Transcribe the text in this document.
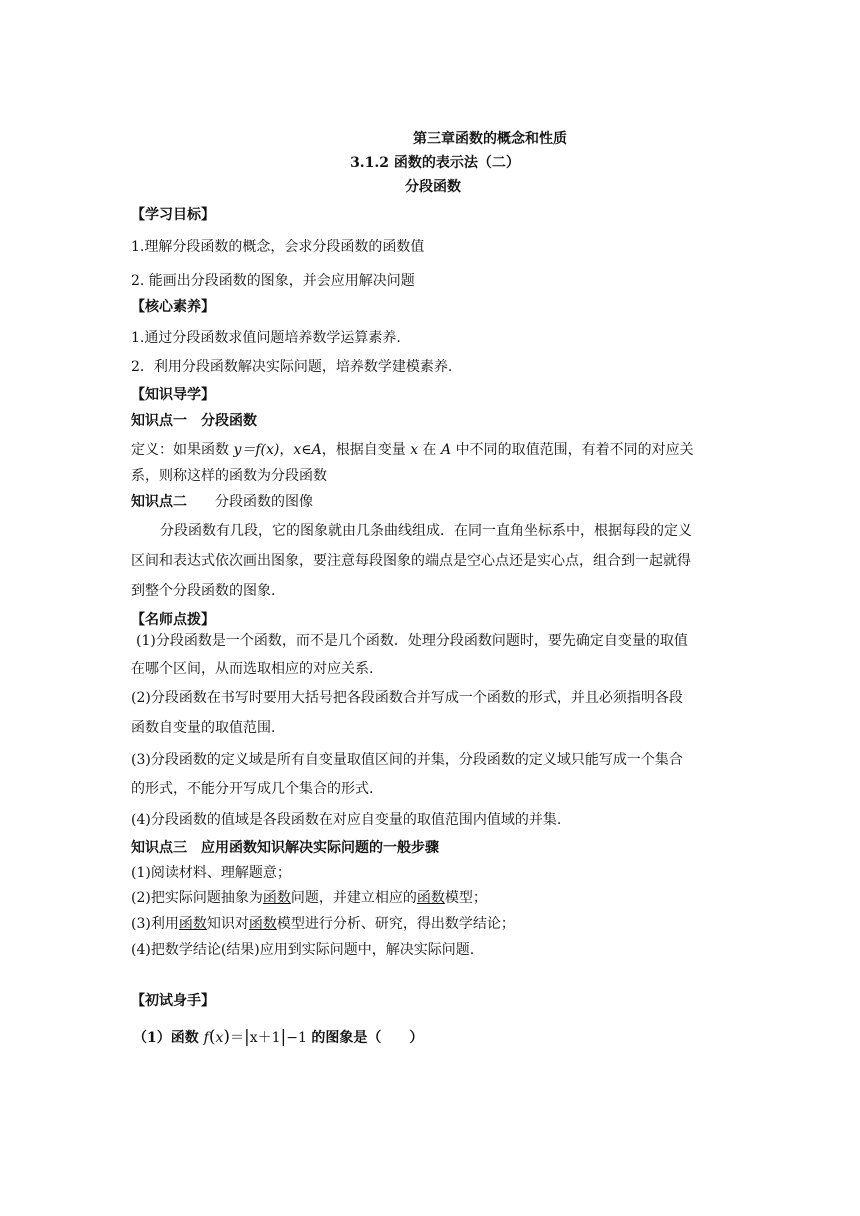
第三章函数的概念和性质
3.1.2 函数的表示法（二）
分段函数
【学习目标】
1.理解分段函数的概念，会求分段函数的函数值
2. 能画出分段函数的图象，并会应用解决问题
【核心素养】
1.通过分段函数求值问题培养数学运算素养.
2．利用分段函数解决实际问题，培养数学建模素养.
【知识导学】
知识点一　分段函数
定义：如果函数 y＝f(x)，x∈A，根据自变量 x 在 A 中不同的取值范围，有着不同的对应关
系，则称这样的函数为分段函数
知识点二 分段函数的图像
分段函数有几段，它的图象就由几条曲线组成．在同一直角坐标系中，根据每段的定义
区间和表达式依次画出图象，要注意每段图象的端点是空心点还是实心点，组合到一起就得
到整个分段函数的图象.
【名师点拨】
(1)分段函数是一个函数，而不是几个函数．处理分段函数问题时，要先确定自变量的取值
在哪个区间，从而选取相应的对应关系.
(2)分段函数在书写时要用大括号把各段函数合并写成一个函数的形式，并且必须指明各段
函数自变量的取值范围.
(3)分段函数的定义域是所有自变量取值区间的并集，分段函数的定义域只能写成一个集合
的形式，不能分开写成几个集合的形式.
(4)分段函数的值域是各段函数在对应自变量的取值范围内值域的并集.
知识点三　应用函数知识解决实际问题的一般步骤
(1)阅读材料、理解题意；
(2)把实际问题抽象为函数问题，并建立相应的函数模型；
(3)利用函数知识对函数模型进行分析、研究，得出数学结论；
(4)把数学结论(结果)应用到实际问题中，解决实际问题.
【初试身手】
（1）函数 f(x)＝|x＋1|−1 的图象是（　　）
